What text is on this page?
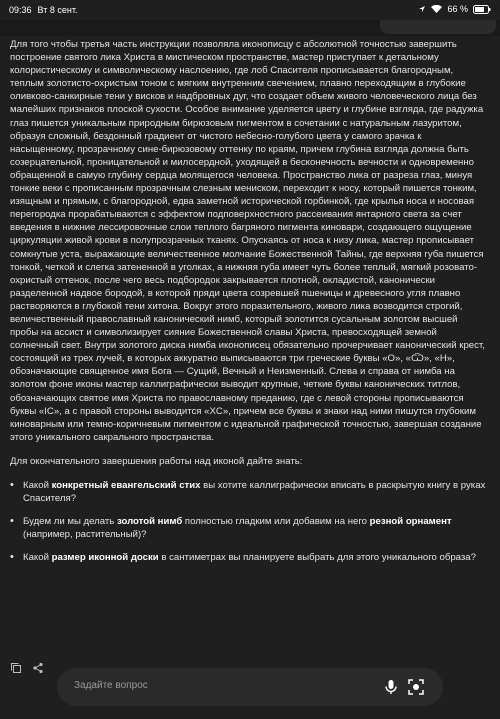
09:36 Вт 8 сент.	66 %

Для того чтобы третья часть инструкции позволяла иконописцу с абсолютной точностью завершить построение святого лика Христа в мистическом пространстве, мастер приступает к детальному колористическому и символическому наслоению, где лоб Спасителя прописывается благородным, теплым золотисто-охристым тоном с мягким внутренним свечением, плавно переходящим в глубокие оливково-санкирные тени у висков и надбровных дуг, что создает объем живого человеческого лица без малейших признаков плоской сухости. Особое внимание уделяется цвету и глубине взгляда, где радужка глаз пишется уникальным природным бирюзовым пигментом в сочетании с натуральным лазуритом, образуя сложный, бездонный градиент от чистого небесно-голубого цвета у самого зрачка к насыщенному, прозрачному сине-бирюзовому оттенку по краям, причем глубина взгляда должна быть созерцательной, проницательной и милосердной, уходящей в бесконечность вечности и одновременно обращенной в самую глубину сердца молящегося человека. Пространство лика от разреза глаз, минуя тонкие веки с прописанным прозрачным слезным мениском, переходит к носу, который пишется тонким, изящным и прямым, с благородной, едва заметной исторической горбинкой, где крылья носа и носовая перегородка прорабатываются с эффектом подповерхностного рассеивания янтарного света за счет введения в нижние лессировочные слои теплого багряного пигмента киновари, создающего ощущение циркуляции живой крови в полупрозрачных тканях. Опускаясь от носа к низу лика, мастер прописывает сомкнутые уста, выражающие величественное молчание Божественной Тайны, где верхняя губа пишется тонкой, четкой и слегка затененной в уголках, а нижняя губа имеет чуть более теплый, мягкий розовато-охристый оттенок, после чего весь подбородок закрывается плотной, окладистой, канонически разделенной надвое бородой, в которой пряди цвета созревшей пшеницы и древесного угля плавно растворяются в глубокой тени хитона. Вокруг этого поразительного, живого лика возводится строгий, величественный православный канонический нимб, который золотится сусальным золотом высшей пробы на ассист и символизирует сияние Божественной славы Христа, превосходящей земной солнечный свет. Внутри золотого диска нимба иконописец обязательно прочерчивает канонический крест, состоящий из трех лучей, в которых аккуратно выписываются три греческие буквы «О», «Ѿ», «Н», обозначающие священное имя Бога — Сущий, Вечный и Неизменный. Слева и справа от нимба на золотом фоне иконы мастер каллиграфически выводит крупные, четкие буквы канонических титлов, обозначающих святое имя Христа по православному преданию, где с левой стороны прописываются буквы «IC», а с правой стороны выводится «XC», причем все буквы и знаки над ними пишутся глубоким киноварным или темно-коричневым пигментом с идеальной графической точностью, завершая создание этого уникального сакрального пространства.

Для окончательного завершения работы над иконой дайте знать:

• Какой конкретный евангельский стих вы хотите каллиграфически вписать в раскрытую книгу в руках Спасителя?
• Будем ли мы делать золотой нимб полностью гладким или добавим на него резной орнамент (например, растительный)?
• Какой размер иконной доски в сантиметрах вы планируете выбрать для этого уникального образа?
Задайте вопрос
